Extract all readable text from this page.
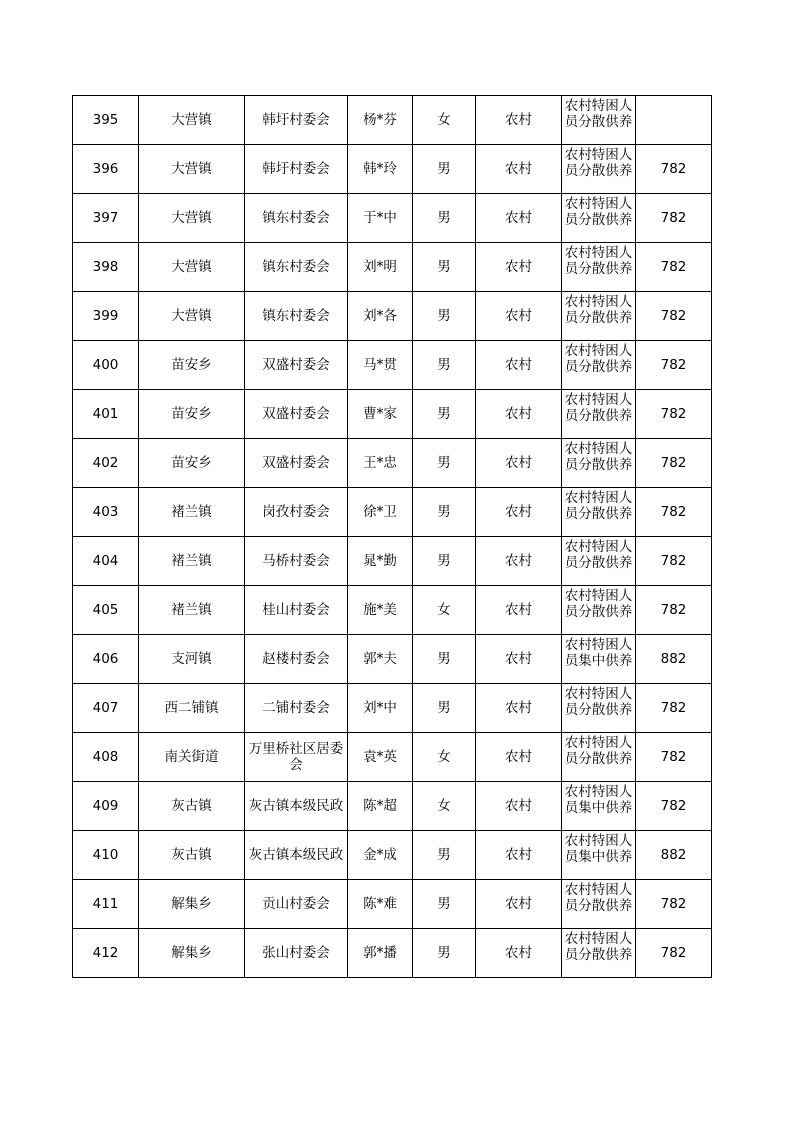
395	大营镇	韩圩村委会	杨*芬	女	农村	农村特困人员分散供养	

396	大营镇	韩圩村委会	韩*玲	男	农村	农村特困人员分散供养	782
397	大营镇	镇东村委会	于*中	男	农村	农村特困人员分散供养	782
398	大营镇	镇东村委会	刘*明	男	农村	农村特困人员分散供养	782
399	大营镇	镇东村委会	刘*各	男	农村	农村特困人员分散供养	782
400	苗安乡	双盛村委会	马*贯	男	农村	农村特困人员分散供养	782
401	苗安乡	双盛村委会	曹*家	男	农村	农村特困人员分散供养	782
402	苗安乡	双盛村委会	王*忠	男	农村	农村特困人员分散供养	782
403	褚兰镇	岗孜村委会	徐*卫	男	农村	农村特困人员分散供养	782
404	褚兰镇	马桥村委会	晁*勤	男	农村	农村特困人员分散供养	782
405	褚兰镇	桂山村委会	施*美	女	农村	农村特困人员分散供养	782
406	支河镇	赵楼村委会	郭*夫	男	农村	农村特困人员集中供养	882
407	西二铺镇	二铺村委会	刘*中	男	农村	农村特困人员分散供养	782
408	南关街道	万里桥社区居委会	袁*英	女	农村	农村特困人员分散供养	782
409	灰古镇	灰古镇本级民政	陈*超	女	农村	农村特困人员集中供养	782
410	灰古镇	灰古镇本级民政	金*成	男	农村	农村特困人员集中供养	882
411	解集乡	贡山村委会	陈*难	男	农村	农村特困人员分散供养	782
412	解集乡	张山村委会	郭*播	男	农村	农村特困人员分散供养	782
